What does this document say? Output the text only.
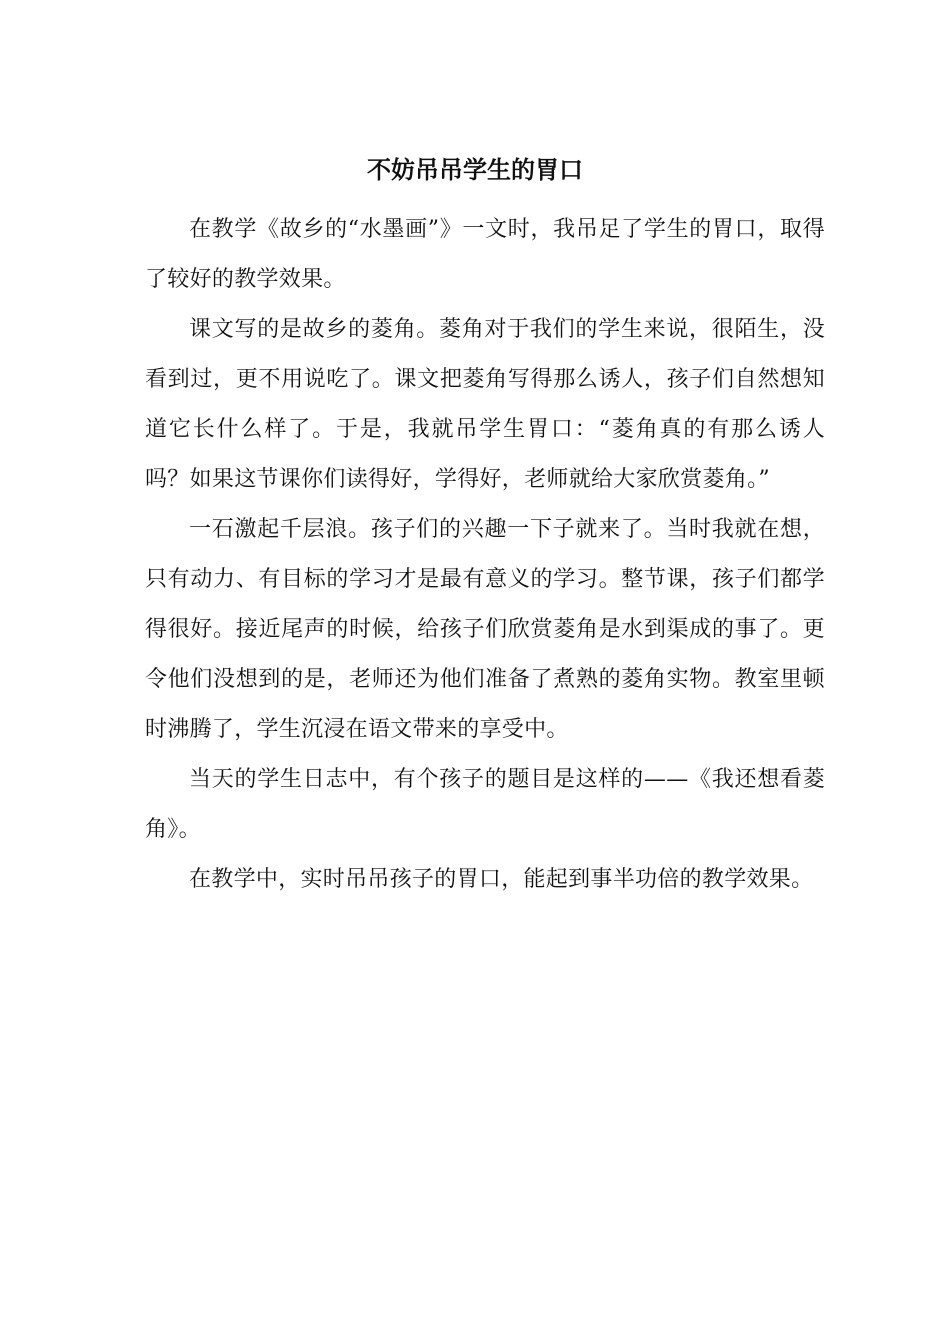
不妨吊吊学生的胃口

在教学《故乡的“水墨画”》一文时，我吊足了学生的胃口，取得了较好的教学效果。

课文写的是故乡的菱角。菱角对于我们的学生来说，很陌生，没看到过，更不用说吃了。课文把菱角写得那么诱人，孩子们自然想知道它长什么样了。于是，我就吊学生胃口：“菱角真的有那么诱人吗？如果这节课你们读得好，学得好，老师就给大家欣赏菱角。”

一石激起千层浪。孩子们的兴趣一下子就来了。当时我就在想，只有动力、有目标的学习才是最有意义的学习。整节课，孩子们都学得很好。接近尾声的时候，给孩子们欣赏菱角是水到渠成的事了。更令他们没想到的是，老师还为他们准备了煮熟的菱角实物。教室里顿时沸腾了，学生沉浸在语文带来的享受中。

当天的学生日志中，有个孩子的题目是这样的——《我还想看菱角》。

在教学中，实时吊吊孩子的胃口，能起到事半功倍的教学效果。
